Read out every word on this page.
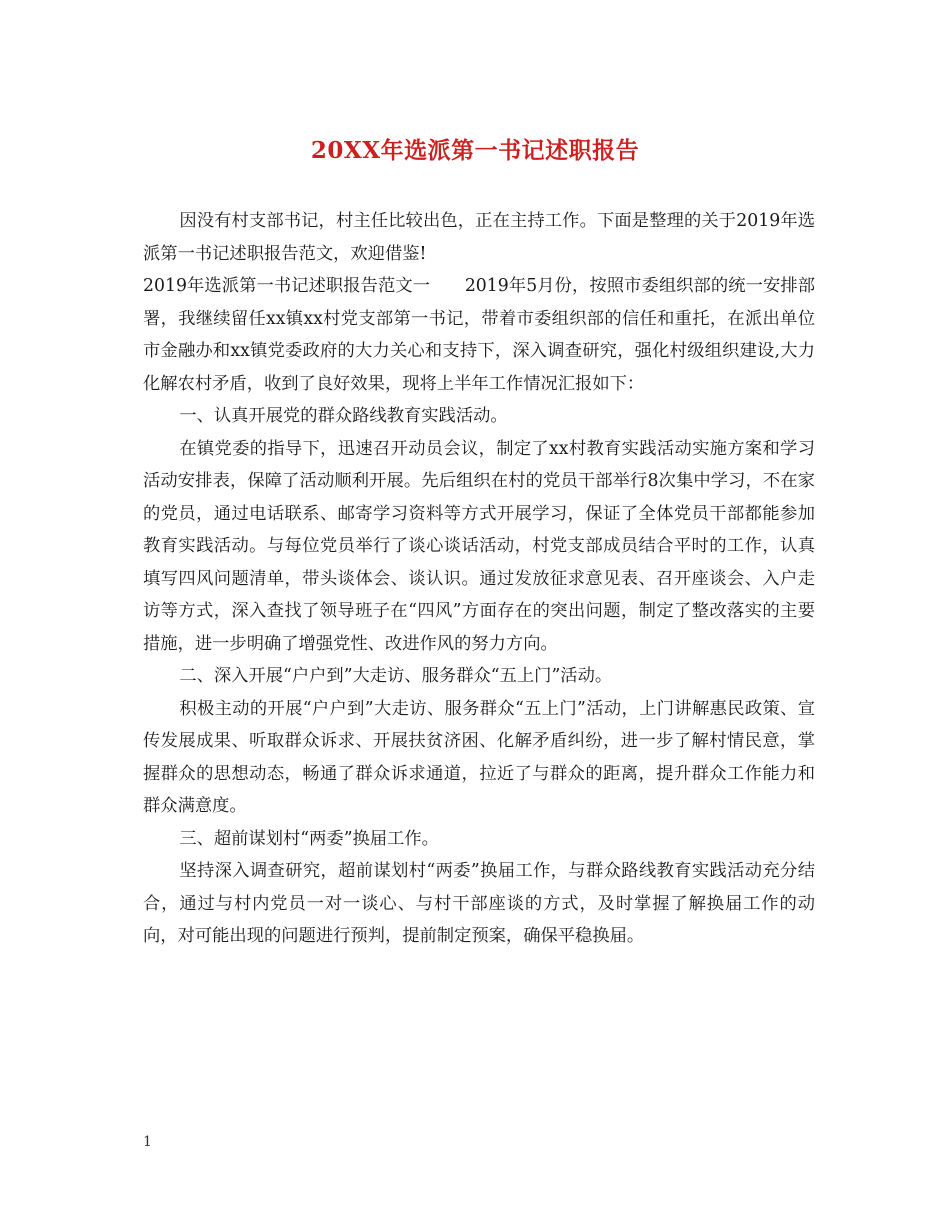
20XX年选派第一书记述职报告

因没有村支部书记，村主任比较出色，正在主持工作。下面是整理的关于2019年选派第一书记述职报告范文，欢迎借鉴!

2019年选派第一书记述职报告范文一　　2019年5月份，按照市委组织部的统一安排部署，我继续留任xx镇xx村党支部第一书记，带着市委组织部的信任和重托，在派出单位市金融办和xx镇党委政府的大力关心和支持下，深入调查研究，强化村级组织建设,大力化解农村矛盾，收到了良好效果，现将上半年工作情况汇报如下：

一、认真开展党的群众路线教育实践活动。

在镇党委的指导下，迅速召开动员会议，制定了xx村教育实践活动实施方案和学习活动安排表，保障了活动顺利开展。先后组织在村的党员干部举行8次集中学习，不在家的党员，通过电话联系、邮寄学习资料等方式开展学习，保证了全体党员干部都能参加教育实践活动。与每位党员举行了谈心谈话活动，村党支部成员结合平时的工作，认真填写四风问题清单，带头谈体会、谈认识。通过发放征求意见表、召开座谈会、入户走访等方式，深入查找了领导班子在“四风”方面存在的突出问题，制定了整改落实的主要措施，进一步明确了增强党性、改进作风的努力方向。

二、深入开展“户户到”大走访、服务群众“五上门”活动。

积极主动的开展“户户到”大走访、服务群众“五上门”活动，上门讲解惠民政策、宣传发展成果、听取群众诉求、开展扶贫济困、化解矛盾纠纷，进一步了解村情民意，掌握群众的思想动态，畅通了群众诉求通道，拉近了与群众的距离，提升群众工作能力和群众满意度。

三、超前谋划村“两委”换届工作。

坚持深入调查研究，超前谋划村“两委”换届工作，与群众路线教育实践活动充分结合，通过与村内党员一对一谈心、与村干部座谈的方式，及时掌握了解换届工作的动向，对可能出现的问题进行预判，提前制定预案，确保平稳换届。

1
